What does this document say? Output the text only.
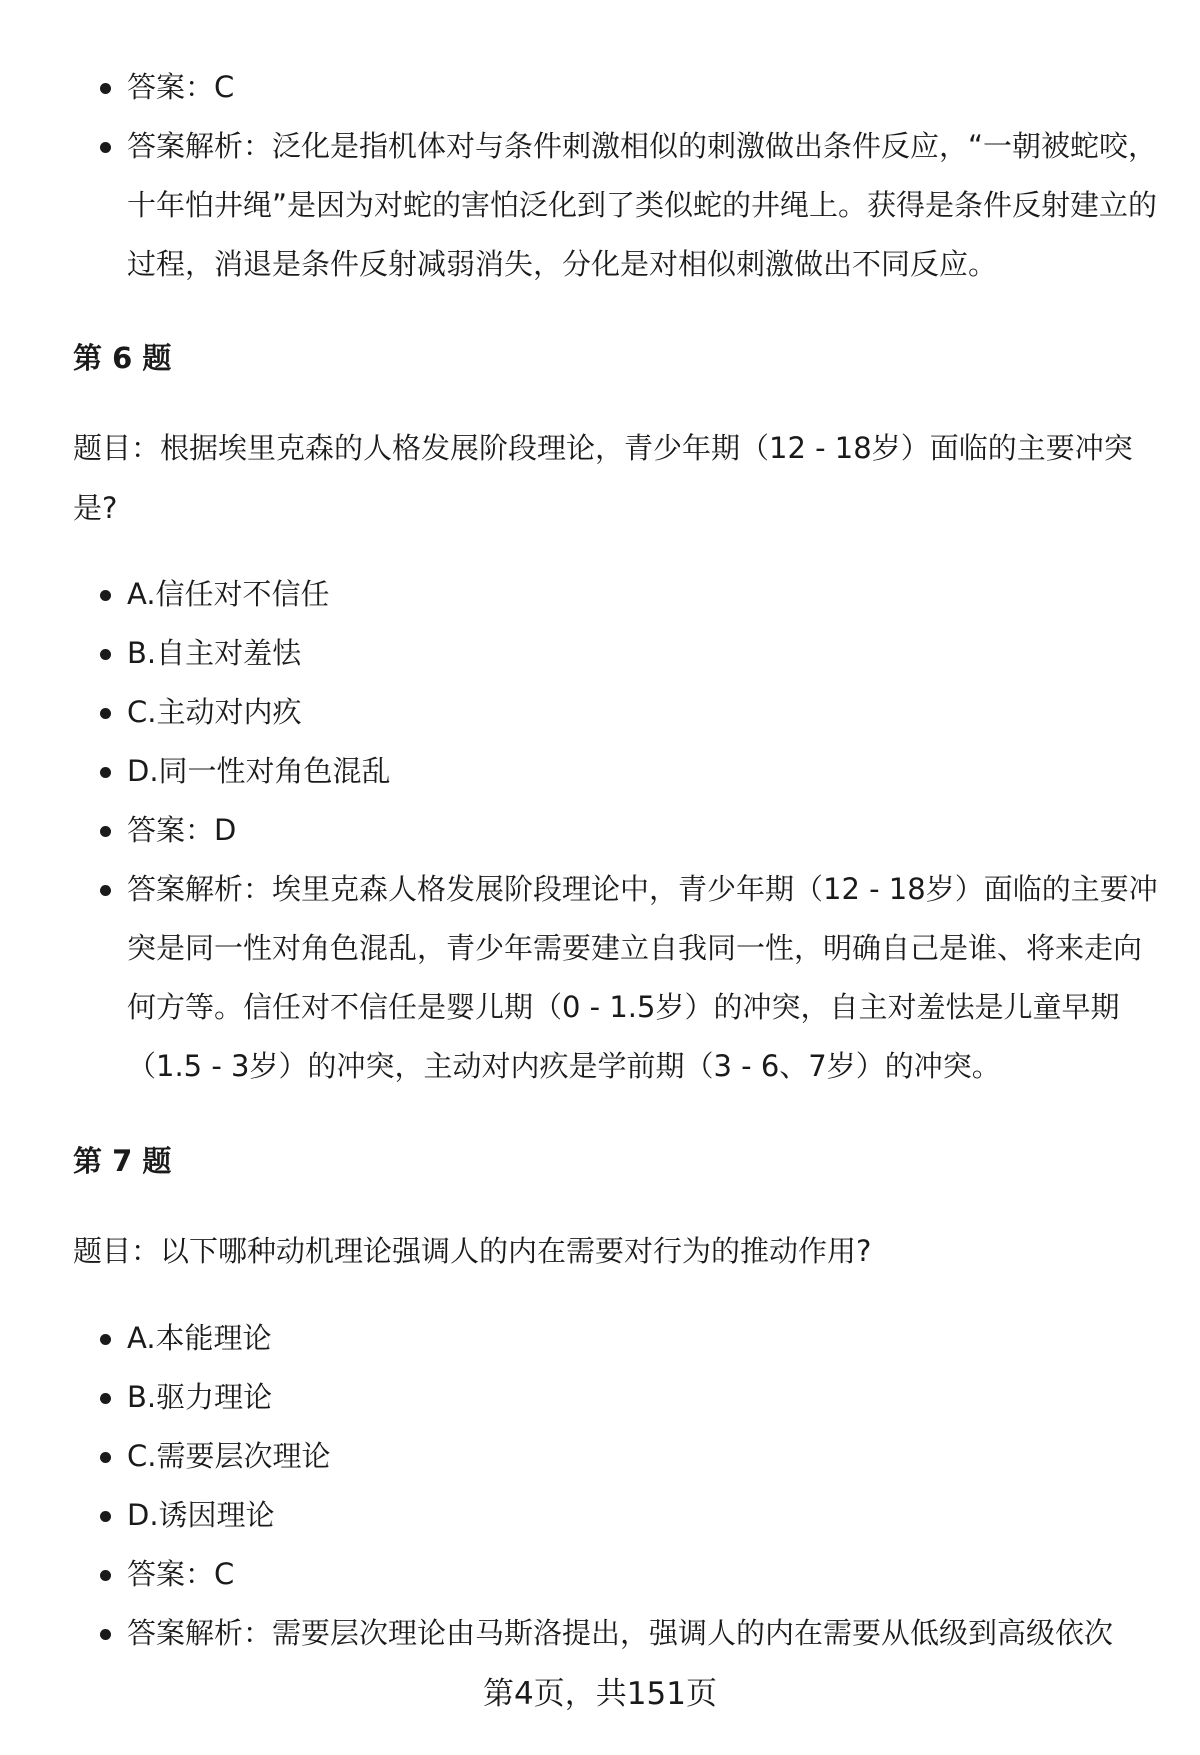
答案：C
答案解析：泛化是指机体对与条件刺激相似的刺激做出条件反应，“一朝被蛇咬，十年怕井绳”是因为对蛇的害怕泛化到了类似蛇的井绳上。获得是条件反射建立的过程，消退是条件反射减弱消失，分化是对相似刺激做出不同反应。
第 6 题

题目：根据埃里克森的人格发展阶段理论，青少年期（12 - 18岁）面临的主要冲突是?

A.信任对不信任
B.自主对羞怯
C.主动对内疚
D.同一性对角色混乱
答案：D
答案解析：埃里克森人格发展阶段理论中，青少年期（12 - 18岁）面临的主要冲突是同一性对角色混乱，青少年需要建立自我同一性，明确自己是谁、将来走向何方等。信任对不信任是婴儿期（0 - 1.5岁）的冲突，自主对羞怯是儿童早期（1.5 - 3岁）的冲突，主动对内疚是学前期（3 - 6、7岁）的冲突。
第 7 题

题目：以下哪种动机理论强调人的内在需要对行为的推动作用?

A.本能理论
B.驱力理论
C.需要层次理论
D.诱因理论
答案：C
答案解析：需要层次理论由马斯洛提出，强调人的内在需要从低级到高级依次
第4页，共151页
